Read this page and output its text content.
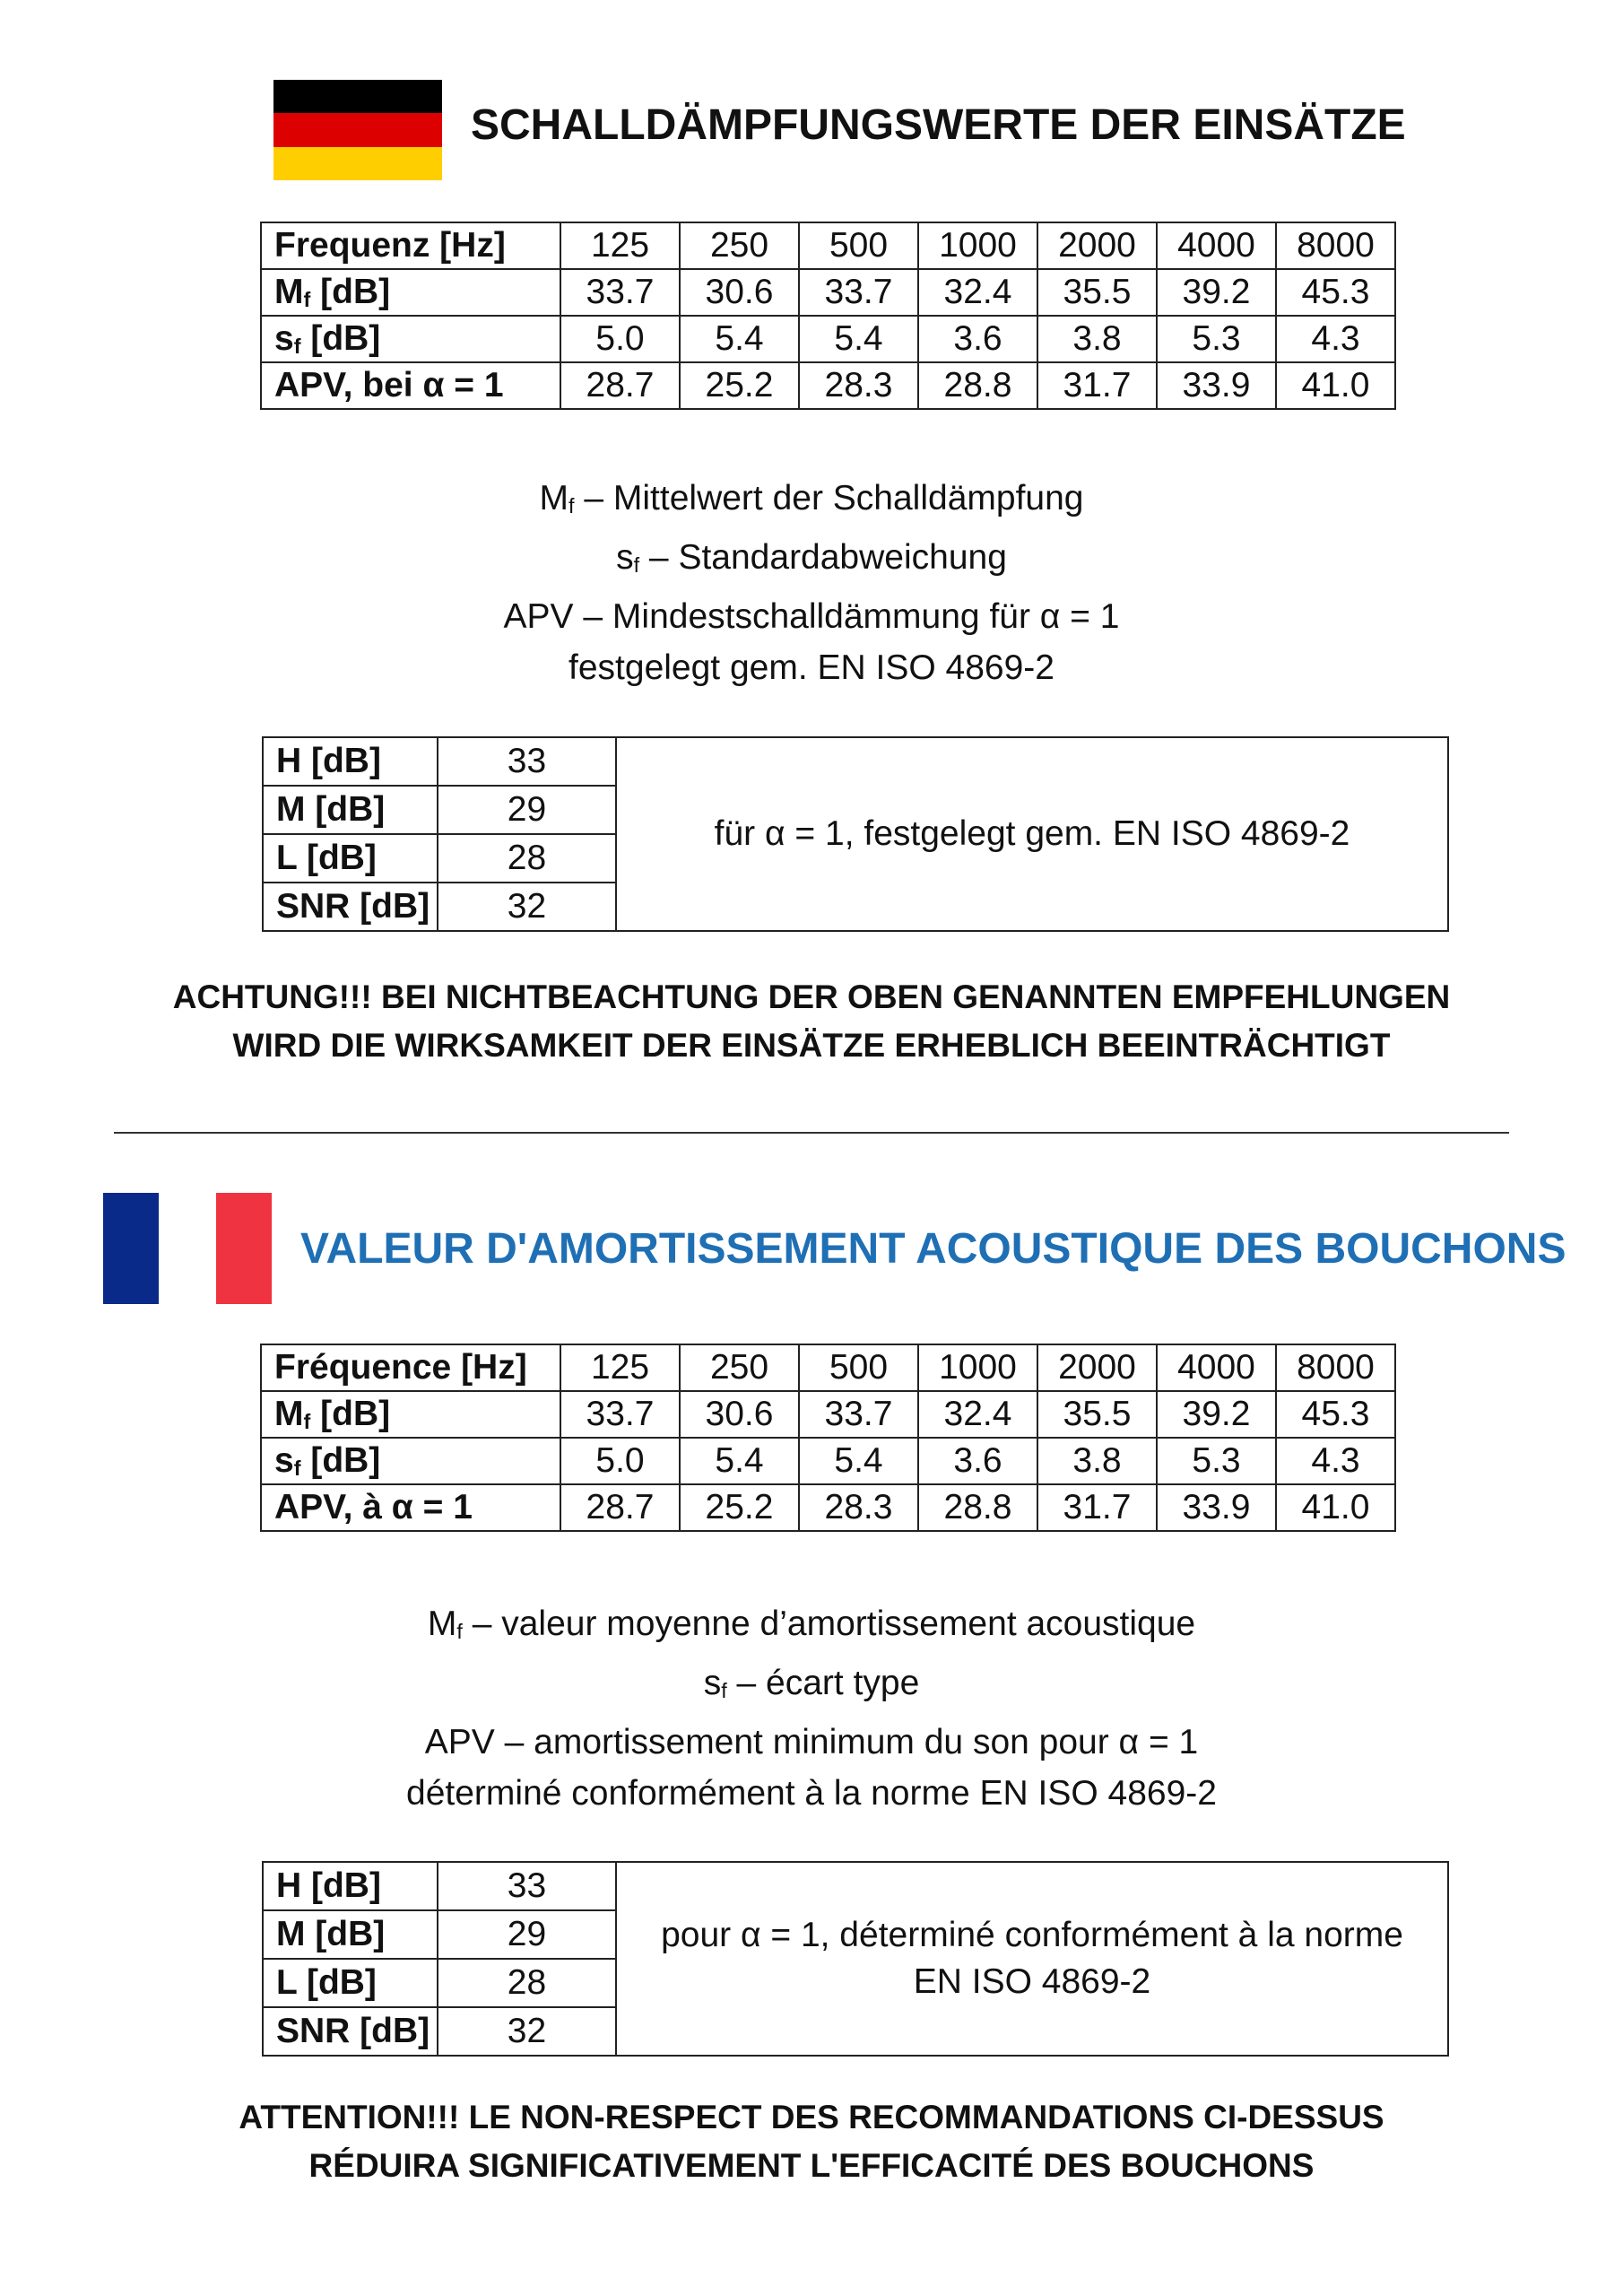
SCHALLDÄMPFUNGSWERTE DER EINSÄTZE
Frequenz [Hz]	125	250	500	1000	2000	4000	8000
$M_f$ [dB]	33.7	30.6	33.7	32.4	35.5	39.2	45.3
$s_f$ [dB]	5.0	5.4	5.4	3.6	3.8	5.3	4.3
APV, bei α = 1	28.7	25.2	28.3	28.8	31.7	33.9	41.0

$M_f$ – Mittelwert der Schalldämpfung

$s_f$ – Standardabweichung

APV – Mindestschalldämmung für α = 1

festgelegt gem. EN ISO 4869-2

H [dB]	33	für α = 1, festgelegt gem. EN ISO 4869-2
M [dB]	29	
L [dB]	28	
SNR [dB]	32	

ACHTUNG!!! BEI NICHTBEACHTUNG DER OBEN GENANNTEN EMPFEHLUNGEN

WIRD DIE WIRKSAMKEIT DER EINSÄTZE ERHEBLICH BEEINTRÄCHTIGT

VALEUR D'AMORTISSEMENT ACOUSTIQUE DES BOUCHONS
Fréquence [Hz]	125	250	500	1000	2000	4000	8000
$M_f$ [dB]	33.7	30.6	33.7	32.4	35.5	39.2	45.3
$s_f$ [dB]	5.0	5.4	5.4	3.6	3.8	5.3	4.3
APV, à α = 1	28.7	25.2	28.3	28.8	31.7	33.9	41.0

$M_f$ – valeur moyenne d’amortissement acoustique

$s_f$ – écart type

APV – amortissement minimum du son pour α = 1

déterminé conformément à la norme EN ISO 4869-2

H [dB]	33	pour α = 1, déterminé conformément à la norme EN ISO 4869-2
M [dB]	29	
L [dB]	28	
SNR [dB]	32	

ATTENTION!!! LE NON-RESPECT DES RECOMMANDATIONS CI-DESSUS

RÉDUIRA SIGNIFICATIVEMENT L'EFFICACITÉ DES BOUCHONS
